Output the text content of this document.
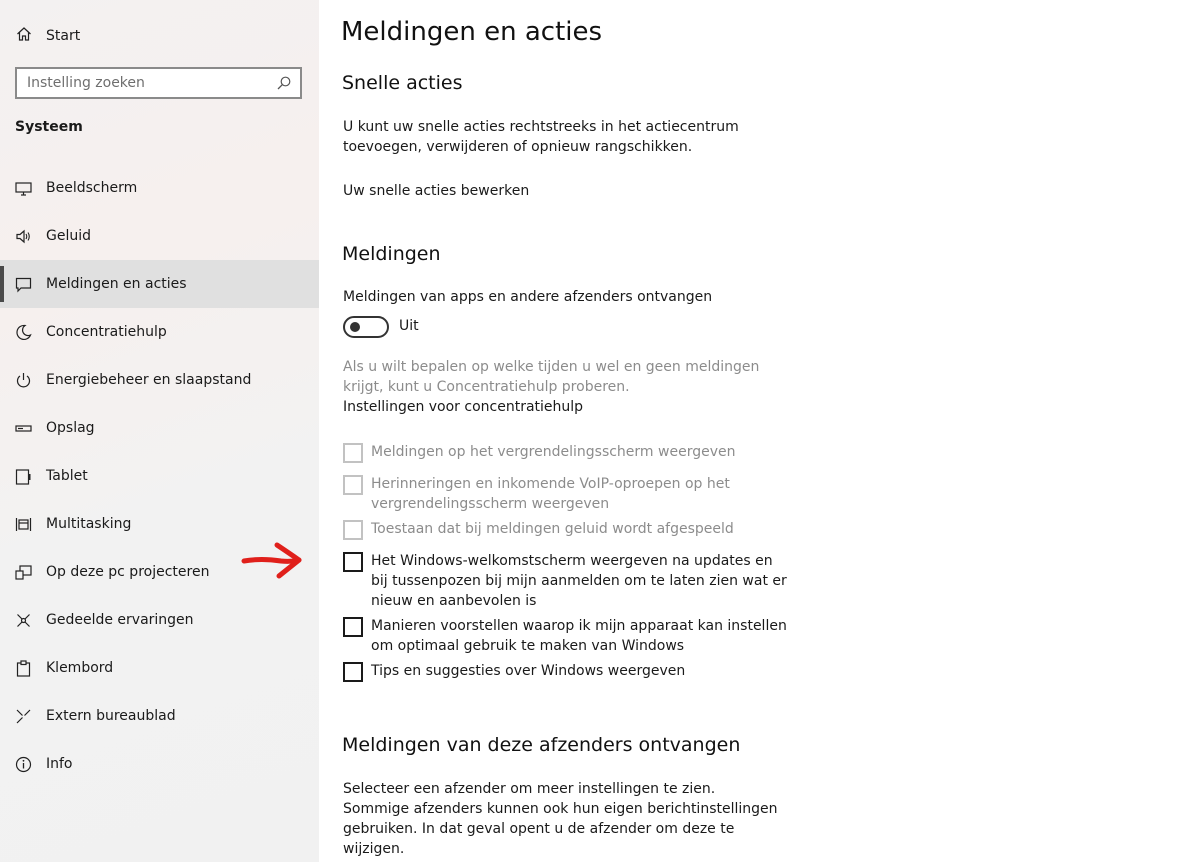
Start
Instelling zoeken
Systeem
Beeldscherm
Geluid
Meldingen en acties
Concentratiehulp
Energiebeheer en slaapstand
Opslag
Tablet
Multitasking
Op deze pc projecteren
Gedeelde ervaringen
Klembord
Extern bureaublad
Info
Meldingen en acties
Snelle acties
U kunt uw snelle acties rechtstreeks in het actiecentrum toevoegen, verwijderen of opnieuw rangschikken.
Uw snelle acties bewerken
Meldingen
Meldingen van apps en andere afzenders ontvangen
Uit
Als u wilt bepalen op welke tijden u wel en geen meldingen krijgt, kunt u Concentratiehulp proberen.
Instellingen voor concentratiehulp
Meldingen op het vergrendelingsscherm weergeven
Herinneringen en inkomende VoIP-oproepen op het vergrendelingsscherm weergeven
Toestaan dat bij meldingen geluid wordt afgespeeld
Het Windows-welkomstscherm weergeven na updates en bij tussenpozen bij mijn aanmelden om te laten zien wat er nieuw en aanbevolen is
Manieren voorstellen waarop ik mijn apparaat kan instellen om optimaal gebruik te maken van Windows
Tips en suggesties over Windows weergeven
Meldingen van deze afzenders ontvangen
Selecteer een afzender om meer instellingen te zien. Sommige afzenders kunnen ook hun eigen berichtinstellingen gebruiken. In dat geval opent u de afzender om deze te wijzigen.
